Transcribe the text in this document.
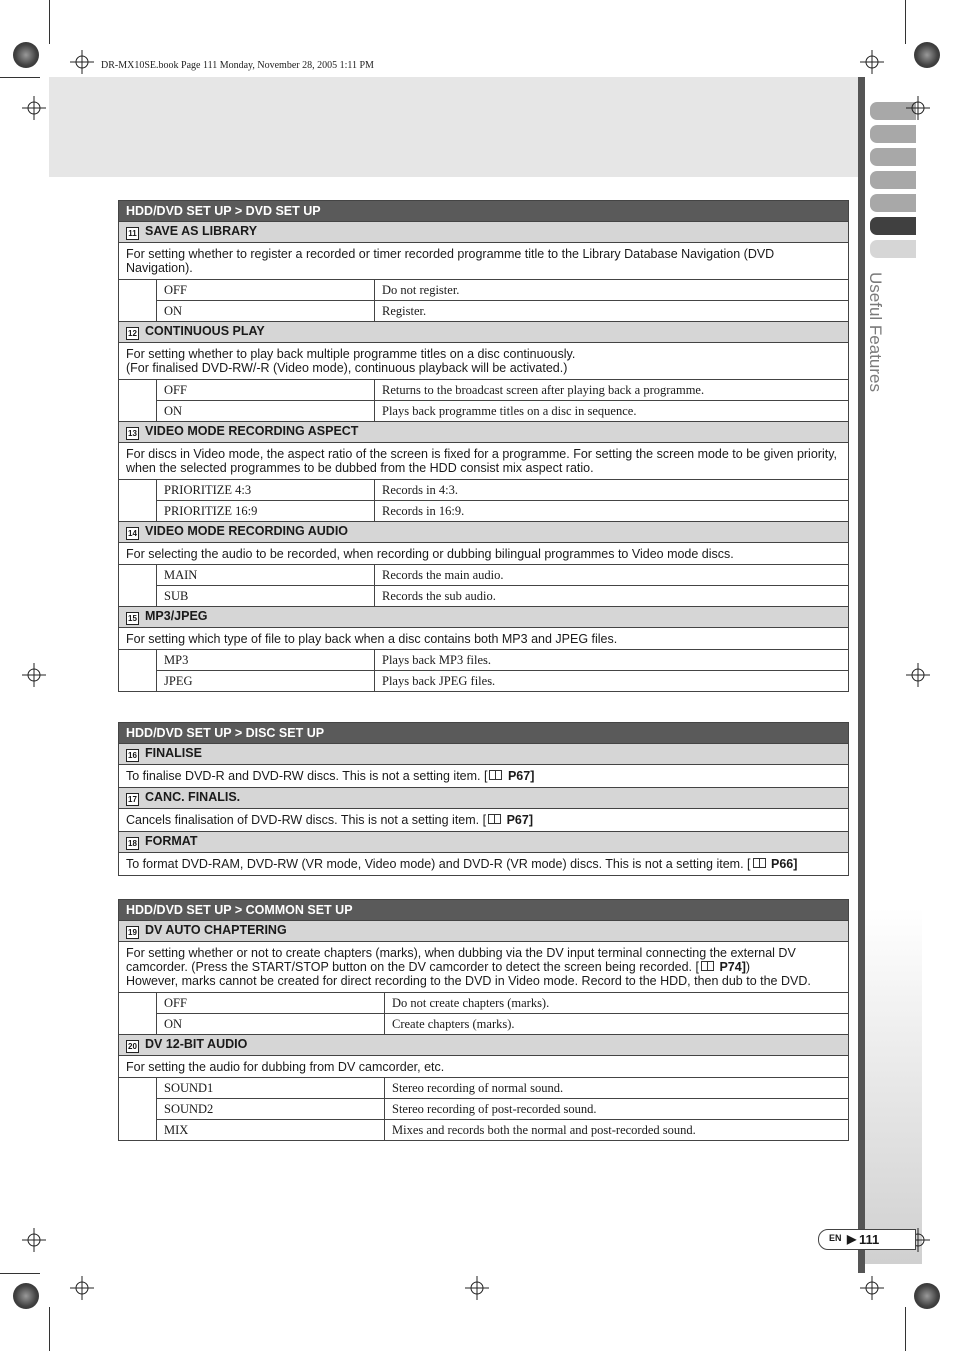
DR-MX10SE.book Page 111 Monday, November 28, 2005 1:11 PM
Useful Features
HDD/DVD SET UP > DVD SET UP		
11 SAVE AS LIBRARY		
For setting whether to register a recorded or timer recorded programme title to the Library Database Navigation (DVD Navigation).		
	OFF	Do not register.
	ON	Register.
12 CONTINUOUS PLAY		
For setting whether to play back multiple programme titles on a disc continuously.
(For finalised DVD-RW/-R (Video mode), continuous playback will be activated.)		
	OFF	Returns to the broadcast screen after playing back a programme.
	ON	Plays back programme titles on a disc in sequence.
13 VIDEO MODE RECORDING ASPECT		
For discs in Video mode, the aspect ratio of the screen is fixed for a programme. For setting the screen mode to be given priority, when the selected programmes to be dubbed from the HDD consist mix aspect ratio.		
	PRIORITIZE 4:3	Records in 4:3.
	PRIORITIZE 16:9	Records in 16:9.
14 VIDEO MODE RECORDING AUDIO		
For selecting the audio to be recorded, when recording or dubbing bilingual programmes to Video mode discs.		
	MAIN	Records the main audio.
	SUB	Records the sub audio.
15 MP3/JPEG		
For setting which type of file to play back when a disc contains both MP3 and JPEG files.		
	MP3	Plays back MP3 files.
	JPEG	Plays back JPEG files.
HDD/DVD SET UP > DISC SET UP
16 FINALISE
To finalise DVD-R and DVD-RW discs. This is not a setting item. [ P67]
17 CANC. FINALIS.
Cancels finalisation of DVD-RW discs. This is not a setting item. [ P67]
18 FORMAT
To format DVD-RAM, DVD-RW (VR mode, Video mode) and DVD-R (VR mode) discs. This is not a setting item. [ P66]
HDD/DVD SET UP > COMMON SET UP		
19 DV AUTO CHAPTERING		
For setting whether or not to create chapters (marks), when dubbing via the DV input terminal connecting the external DV camcorder. (Press the START/STOP button on the DV camcorder to detect the screen being recorded. [ P74])
However, marks cannot be created for direct recording to the DVD in Video mode. Record to the HDD, then dub to the DVD.		
	OFF	Do not create chapters (marks).
	ON	Create chapters (marks).
20 DV 12-BIT AUDIO		
For setting the audio for dubbing from DV camcorder, etc.		
	SOUND1	Stereo recording of normal sound.
	SOUND2	Stereo recording of post-recorded sound.
	MIX	Mixes and records both the normal and post-recorded sound.
EN ▶ 111
